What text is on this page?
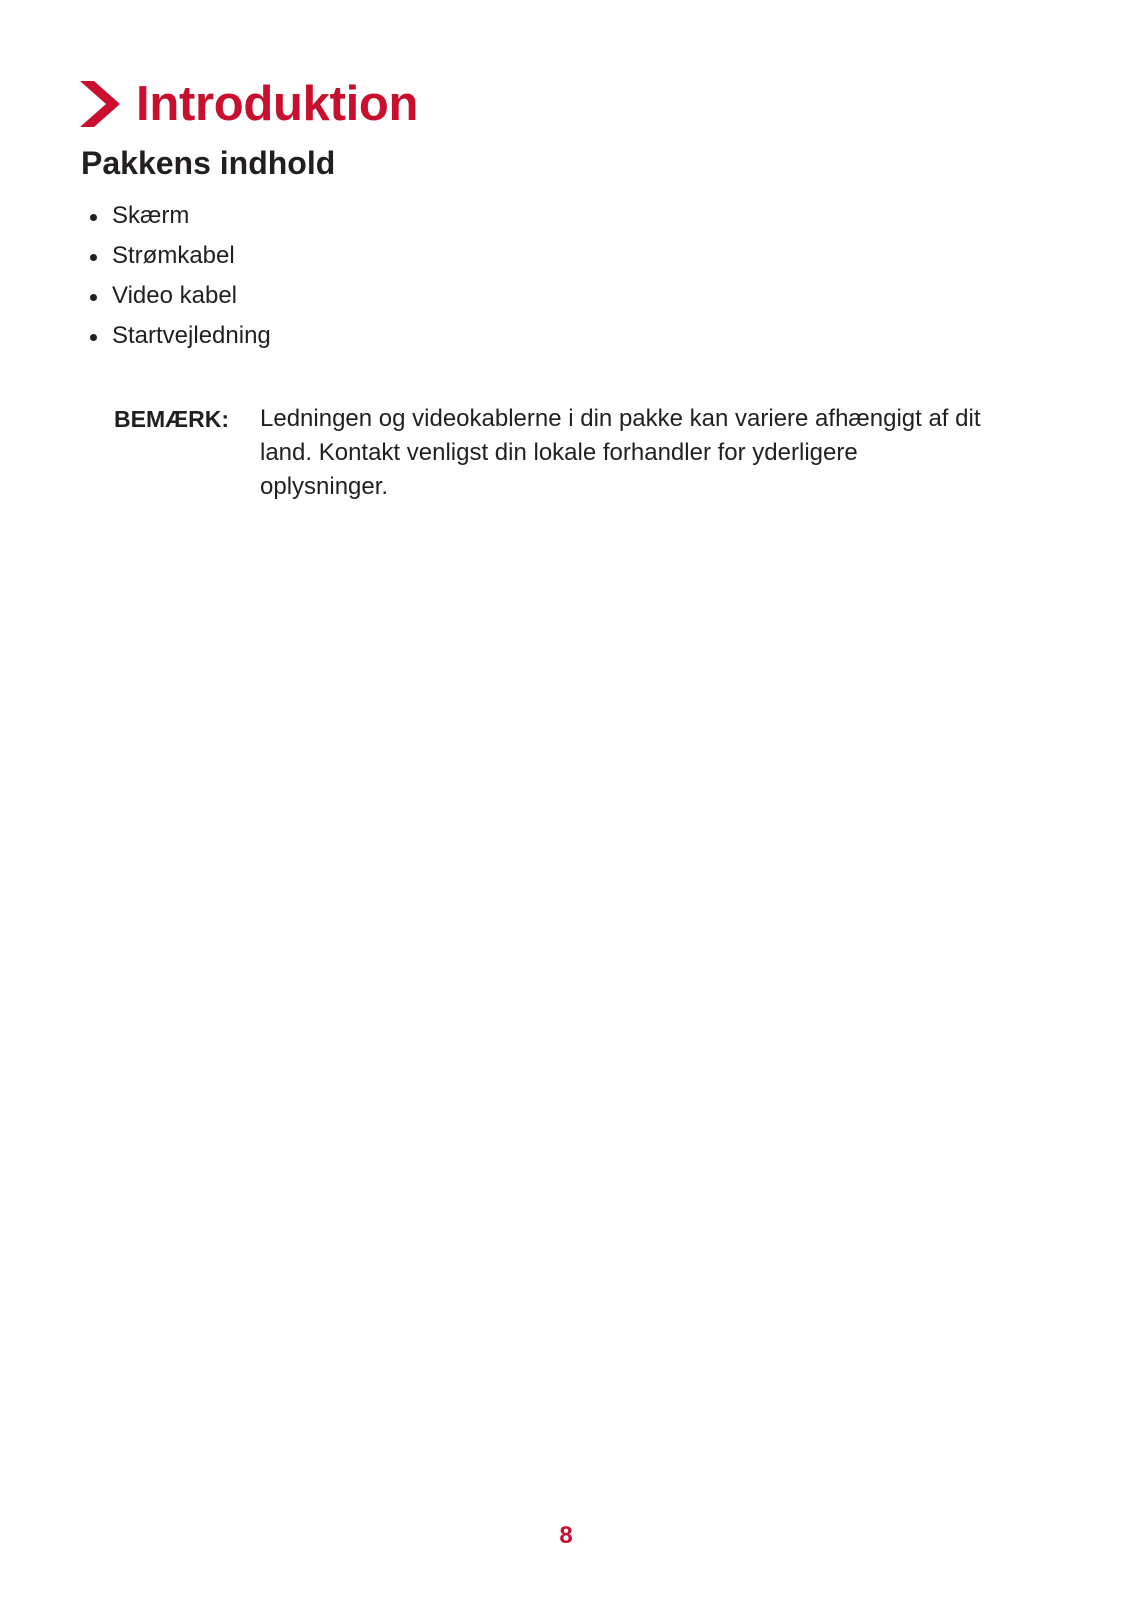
Introduktion
Pakkens indhold
Skærm
Strømkabel
Video kabel
Startvejledning
BEMÆRK:	Ledningen og videokablerne i din pakke kan variere afhængigt af dit land. Kontakt venligst din lokale forhandler for yderligere oplysninger.
8
